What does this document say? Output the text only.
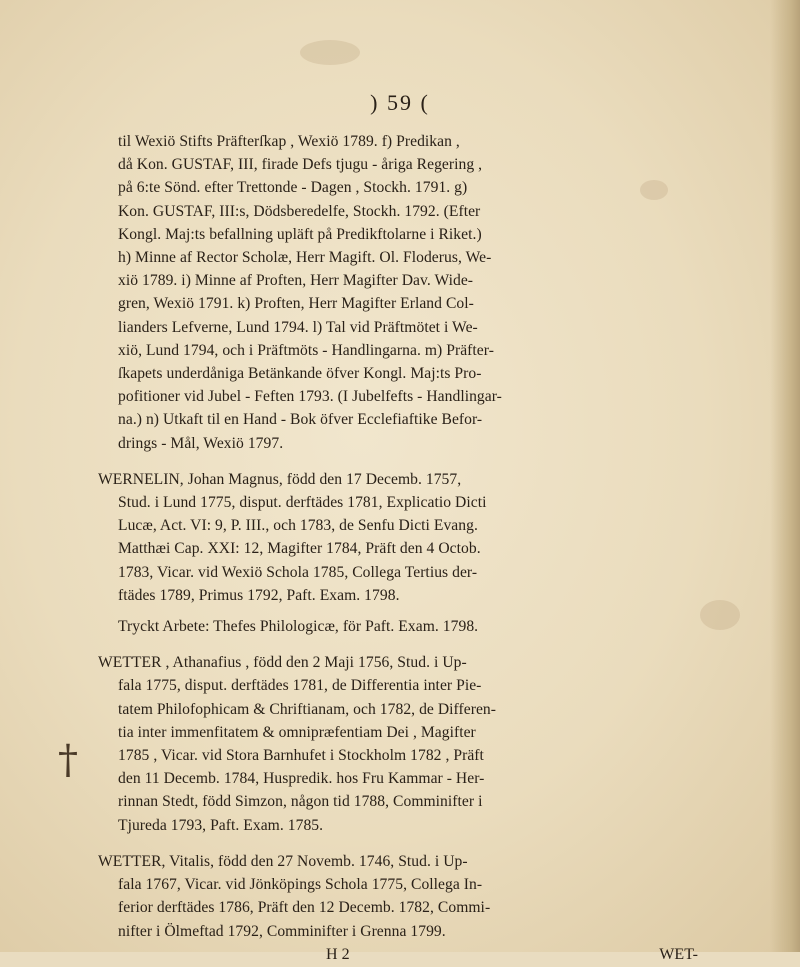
) 59 (
†
til Wexiö Stifts Präfterſkap , Wexiö 1789. f) Predikan ,
då Kon. GUSTAF, III, firade Defs tjugu - åriga Regering ,
på 6:te Sönd. efter Trettonde - Dagen , Stockh. 1791. g)
Kon. GUSTAF, III:s, Dödsberedelfe, Stockh. 1792. (Efter
Kongl. Maj:ts befallning upläft på Predikftolarne i Riket.)
h) Minne af Rector Scholæ, Herr Magift. Ol. Floderus, We-
xiö 1789. i) Minne af Proften, Herr Magifter Dav. Wide-
gren, Wexiö 1791. k) Proften, Herr Magifter Erland Col-
lianders Lefverne, Lund 1794. l) Tal vid Präftmötet i We-
xiö, Lund 1794, och i Präftmöts - Handlingarna. m) Präfter-
ſkapets underdåniga Betänkande öfver Kongl. Maj:ts Pro-
pofitioner vid Jubel - Feften 1793. (I Jubelfefts - Handlingar-
na.) n) Utkaft til en Hand - Bok öfver Ecclefiaftike Befor-
drings - Mål, Wexiö 1797.
WERNELIN, Johan Magnus, född den 17 Decemb. 1757,
Stud. i Lund 1775, disput. derftädes 1781, Explicatio Dicti
Lucæ, Act. VI: 9, P. III., och 1783, de Senfu Dicti Evang.
Matthæi Cap. XXI: 12, Magifter 1784, Präft den 4 Octob.
1783, Vicar. vid Wexiö Schola 1785, Collega Tertius der-
ftädes 1789, Primus 1792, Paft. Exam. 1798.
Tryckt Arbete: Thefes Philologicæ, för Paft. Exam. 1798.
WETTER , Athanafius , född den 2 Maji 1756, Stud. i Up-
fala 1775, disput. derftädes 1781, de Differentia inter Pie-
tatem Philofophicam & Chriftianam, och 1782, de Differen-
tia inter immenfitatem & omnipræfentiam Dei , Magifter
1785 , Vicar. vid Stora Barnhufet i Stockholm 1782 , Präft
den 11 Decemb. 1784, Huspredik. hos Fru Kammar - Her-
rinnan Stedt, född Simzon, någon tid 1788, Comminifter i
Tjureda 1793, Paft. Exam. 1785.
WETTER, Vitalis, född den 27 Novemb. 1746, Stud. i Up-
fala 1767, Vicar. vid Jönköpings Schola 1775, Collega In-
ferior derftädes 1786, Präft den 12 Decemb. 1782, Commi-
nifter i Ölmeftad 1792, Comminifter i Grenna 1799.
H 2	WET-
